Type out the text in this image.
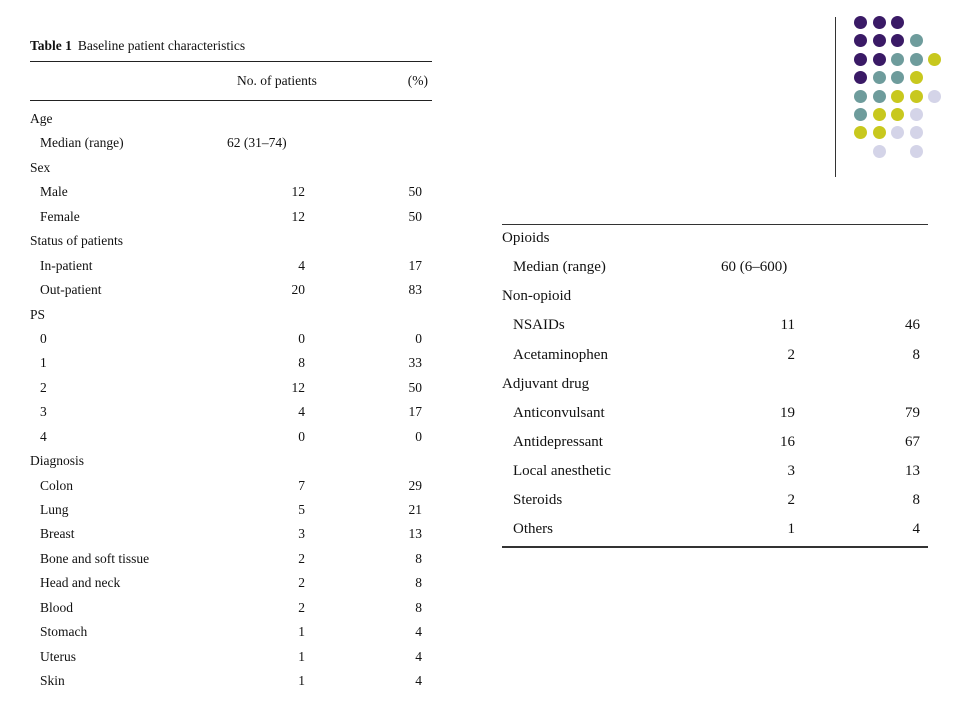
Table 1 Baseline patient characteristics

No. of patients	(%)
Age
Median (range)	62 (31–74)
Sex
Male	12	50
Female	12	50
Status of patients
In-patient	4	17
Out-patient	20	83
PS
0	0	0
1	8	33
2	12	50
3	4	17
4	0	0
Diagnosis
Colon	7	29
Lung	5	21
Breast	3	13
Bone and soft tissue	2	8
Head and neck	2	8
Blood	2	8
Stomach	1	4
Uterus	1	4
Skin	1	4
Opioids
Median (range)	60 (6–600)
Non-opioid
NSAIDs	11	46
Acetaminophen	2	8
Adjuvant drug
Anticonvulsant	19	79
Antidepressant	16	67
Local anesthetic	3	13
Steroids	2	8
Others	1	4
